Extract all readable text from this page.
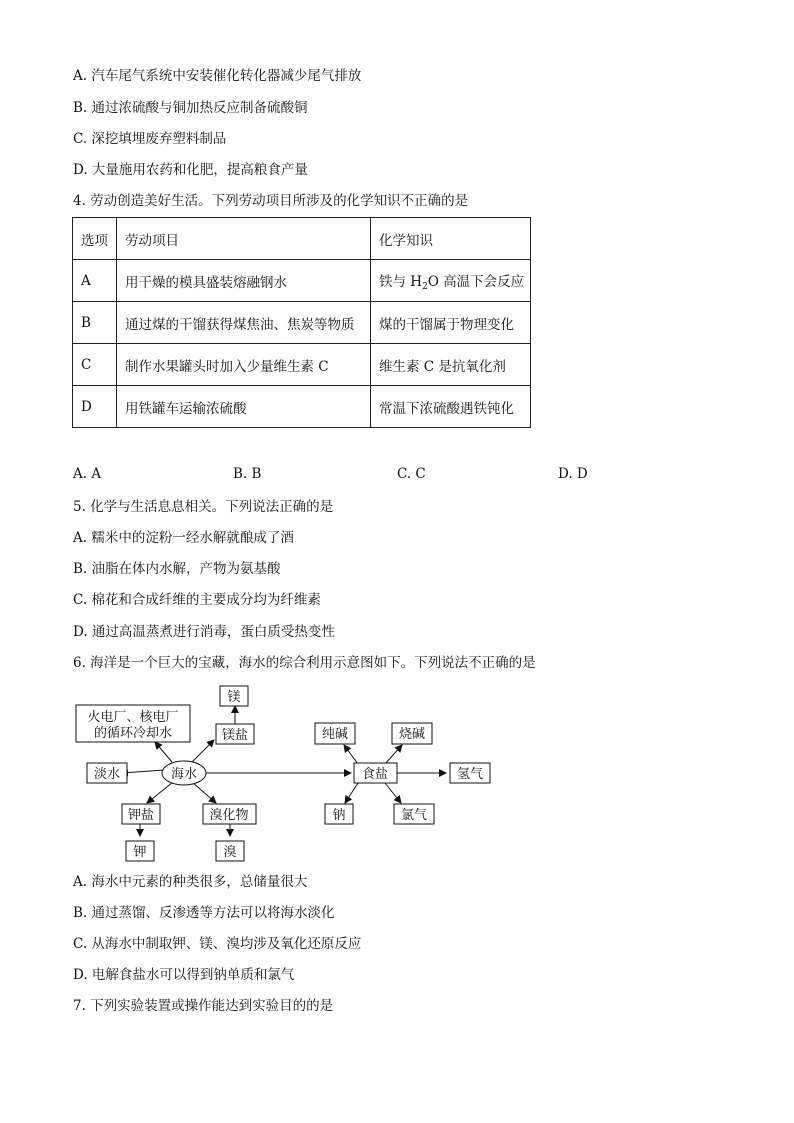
A. 汽车尾气系统中安装催化转化器减少尾气排放
B. 通过浓硫酸与铜加热反应制备硫酸铜
C. 深挖填埋废弃塑料制品
D. 大量施用农药和化肥，提高粮食产量
4. 劳动创造美好生活。下列劳动项目所涉及的化学知识不正确的是
选项	劳动项目	化学知识
A	用干燥的模具盛装熔融钢水	铁与 $H_2O$ 高温下会反应
B	通过煤的干馏获得煤焦油、焦炭等物质	煤的干馏属于物理变化
C	制作水果罐头时加入少量维生素 C	维生素 C 是抗氧化剂
D	用铁罐车运输浓硫酸	常温下浓硫酸遇铁钝化
A. A	B. B	C. C	D. D
5. 化学与生活息息相关。下列说法正确的是
A. 糯米中的淀粉一经水解就酿成了酒
B. 油脂在体内水解，产物为氨基酸
C. 棉花和合成纤维的主要成分均为纤维素
D. 通过高温蒸煮进行消毒，蛋白质受热变性
6. 海洋是一个巨大的宝藏，海水的综合利用示意图如下。下列说法不正确的是
火电厂、核电厂
的循环冷却水
镁
镁盐
淡水	海水
钾盐
钾
溴化物
溴
食盐
纯碱	烧碱
氢气
钠	氯气
A. 海水中元素的种类很多，总储量很大
B. 通过蒸馏、反渗透等方法可以将海水淡化
C. 从海水中制取钾、镁、溴均涉及氧化还原反应
D. 电解食盐水可以得到钠单质和氯气
7. 下列实验装置或操作能达到实验目的的是
